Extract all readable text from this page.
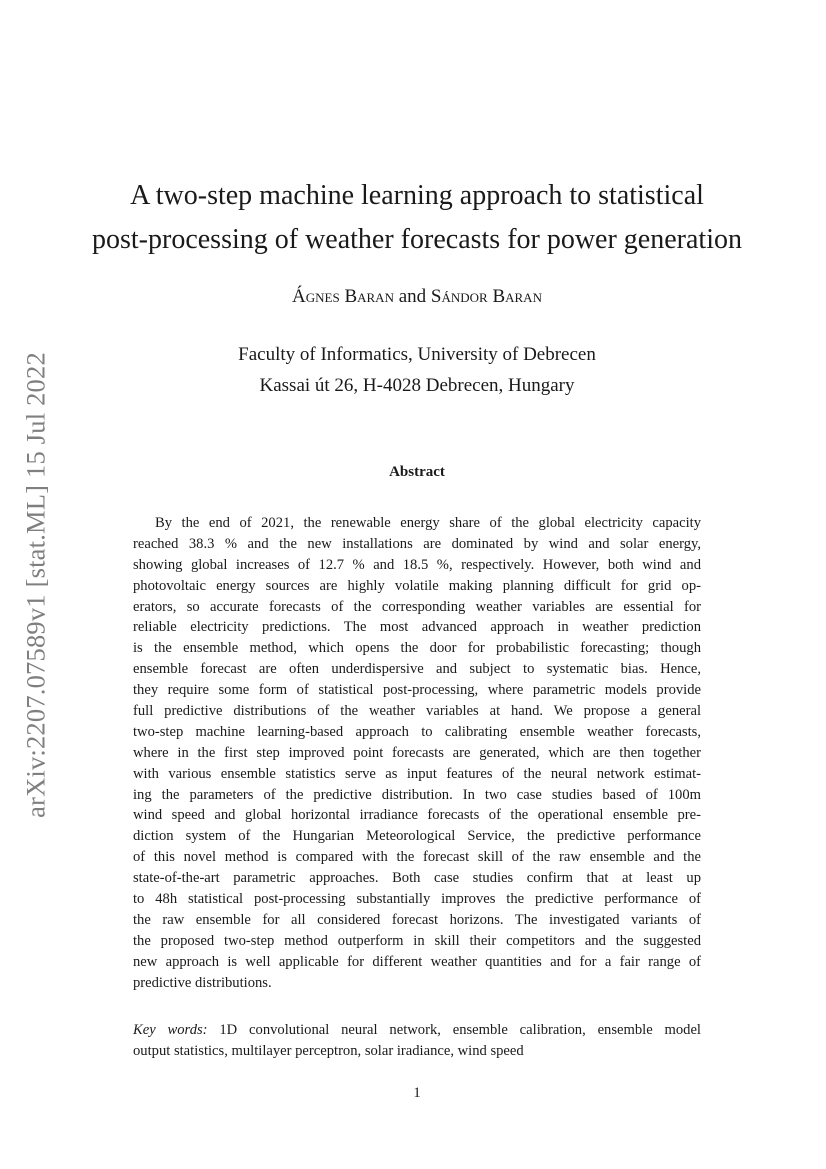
arXiv:2207.07589v1 [stat.ML] 15 Jul 2022
A two-step machine learning approach to statistical
post-processing of weather forecasts for power generation
Ágnes Baran and Sándor Baran
Faculty of Informatics, University of Debrecen
Kassai út 26, H-4028 Debrecen, Hungary
Abstract
By the end of 2021, the renewable energy share of the global electricity capacity
reached 38.3 % and the new installations are dominated by wind and solar energy,
showing global increases of 12.7 % and 18.5 %, respectively. However, both wind and
photovoltaic energy sources are highly volatile making planning difficult for grid op-
erators, so accurate forecasts of the corresponding weather variables are essential for
reliable electricity predictions. The most advanced approach in weather prediction
is the ensemble method, which opens the door for probabilistic forecasting; though
ensemble forecast are often underdispersive and subject to systematic bias. Hence,
they require some form of statistical post-processing, where parametric models provide
full predictive distributions of the weather variables at hand. We propose a general
two-step machine learning-based approach to calibrating ensemble weather forecasts,
where in the first step improved point forecasts are generated, which are then together
with various ensemble statistics serve as input features of the neural network estimat-
ing the parameters of the predictive distribution. In two case studies based of 100m
wind speed and global horizontal irradiance forecasts of the operational ensemble pre-
diction system of the Hungarian Meteorological Service, the predictive performance
of this novel method is compared with the forecast skill of the raw ensemble and the
state-of-the-art parametric approaches. Both case studies confirm that at least up
to 48h statistical post-processing substantially improves the predictive performance of
the raw ensemble for all considered forecast horizons. The investigated variants of
the proposed two-step method outperform in skill their competitors and the suggested
new approach is well applicable for different weather quantities and for a fair range of
predictive distributions.
Key words: 1D convolutional neural network, ensemble calibration, ensemble model
output statistics, multilayer perceptron, solar iradiance, wind speed
1
